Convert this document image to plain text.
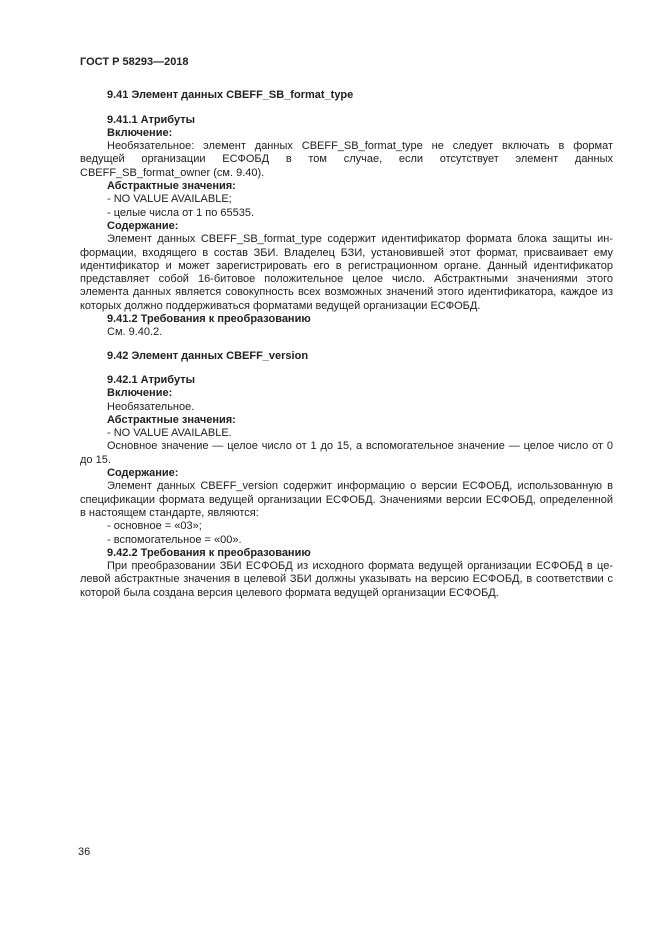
ГОСТ Р 58293—2018
9.41 Элемент данных CBEFF_SB_format_type
9.41.1 Атрибуты
Включение:
Необязательное: элемент данных CBEFF_SB_format_type не следует включать в формат ведущей организации ЕСФОБД в том случае, если отсутствует элемент данных CBEFF_SB_format_owner (см. 9.40).
Абстрактные значения:
- NO VALUE AVAILABLE;
- целые числа от 1 по 65535.
Содержание:
Элемент данных CBEFF_SB_format_type содержит идентификатор формата блока защиты информации, входящего в состав ЗБИ. Владелец БЗИ, установившей этот формат, присваивает ему идентификатор и может зарегистрировать его в регистрационном органе. Данный идентификатор представляет собой 16-битовое положительное целое число. Абстрактными значениями этого элемента данных является совокупность всех возможных значений этого идентификатора, каждое из которых должно поддерживаться форматами ведущей организации ЕСФОБД.
9.41.2 Требования к преобразованию
См. 9.40.2.
9.42 Элемент данных CBEFF_version
9.42.1 Атрибуты
Включение:
Необязательное.
Абстрактные значения:
- NO VALUE AVAILABLE.
Основное значение — целое число от 1 до 15, а вспомогательное значение — целое число от 0 до 15.
Содержание:
Элемент данных CBEFF_version содержит информацию о версии ЕСФОБД, использованную в спецификации формата ведущей организации ЕСФОБД. Значениями версии ЕСФОБД, определенной в настоящем стандарте, являются:
- основное = «03»;
- вспомогательное = «00».
9.42.2 Требования к преобразованию
При преобразовании ЗБИ ЕСФОБД из исходного формата ведущей организации ЕСФОБД в целевой абстрактные значения в целевой ЗБИ должны указывать на версию ЕСФОБД, в соответствии с которой была создана версия целевого формата ведущей организации ЕСФОБД.
36
